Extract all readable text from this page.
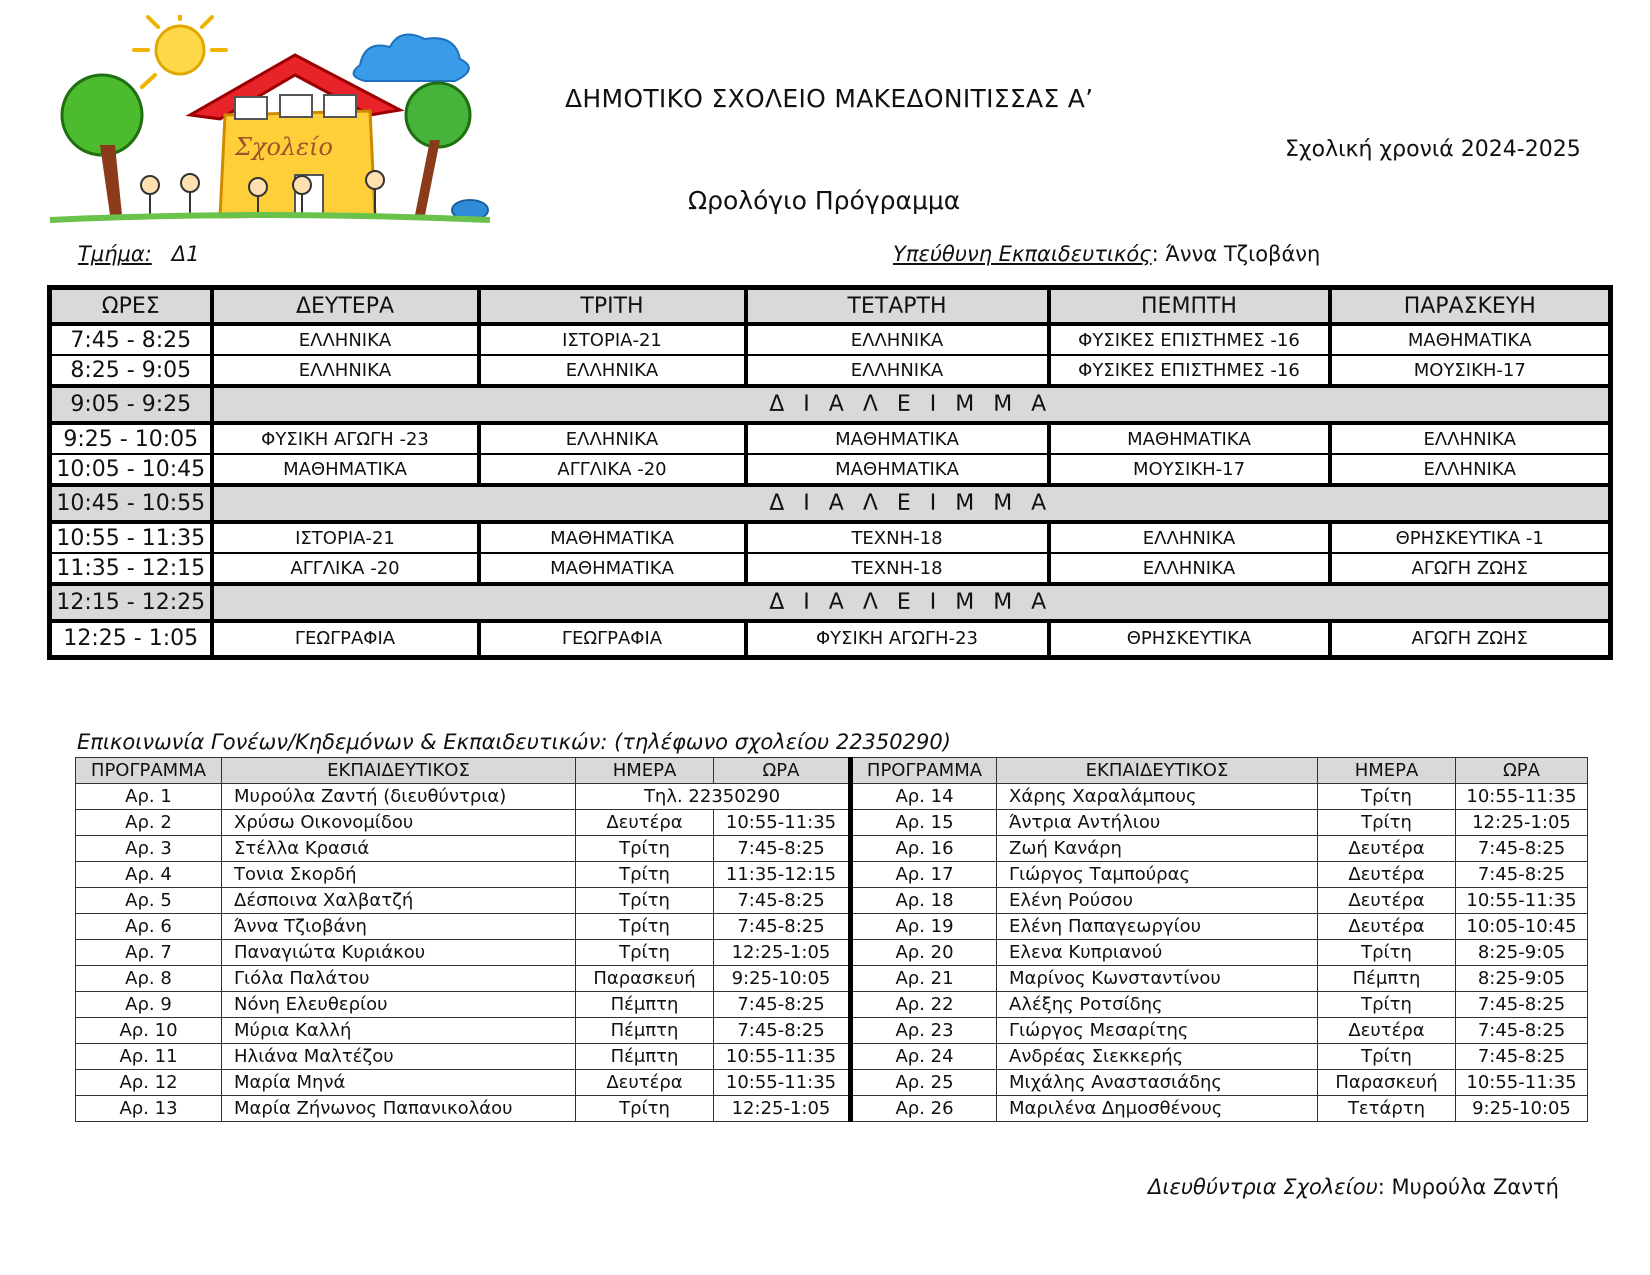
Σχολείο
ΔΗΜΟΤΙΚΟ ΣΧΟΛΕΙΟ ΜΑΚΕΔΟΝΙΤΙΣΣΑΣ Α’
Σχολική χρονιά 2024-2025
Ωρολόγιο Πρόγραμμα
Τμήμα: Δ1	Υπεύθυνη Εκπαιδευτικός: Άννα Τζιοβάνη
ΩΡΕΣ	ΔΕΥΤΕΡΑ	ΤΡΙΤΗ	ΤΕΤΑΡΤΗ	ΠΕΜΠΤΗ	ΠΑΡΑΣΚΕΥΗ
7:45 - 8:25	ΕΛΛΗΝΙΚΑ	ΙΣΤΟΡΙΑ-21	ΕΛΛΗΝΙΚΑ	ΦΥΣΙΚΕΣ ΕΠΙΣΤΗΜΕΣ -16	ΜΑΘΗΜΑΤΙΚΑ
8:25 - 9:05	ΕΛΛΗΝΙΚΑ	ΕΛΛΗΝΙΚΑ	ΕΛΛΗΝΙΚΑ	ΦΥΣΙΚΕΣ ΕΠΙΣΤΗΜΕΣ -16	ΜΟΥΣΙΚΗ-17
9:05 - 9:25	Δ Ι Α Λ Ε Ι Μ Μ Α				
9:25 - 10:05	ΦΥΣΙΚΗ ΑΓΩΓΗ -23	ΕΛΛΗΝΙΚΑ	ΜΑΘΗΜΑΤΙΚΑ	ΜΑΘΗΜΑΤΙΚΑ	ΕΛΛΗΝΙΚΑ
10:05 - 10:45	ΜΑΘΗΜΑΤΙΚΑ	ΑΓΓΛΙΚΑ -20	ΜΑΘΗΜΑΤΙΚΑ	ΜΟΥΣΙΚΗ-17	ΕΛΛΗΝΙΚΑ
10:45 - 10:55	Δ Ι Α Λ Ε Ι Μ Μ Α				
10:55 - 11:35	ΙΣΤΟΡΙΑ-21	ΜΑΘΗΜΑΤΙΚΑ	ΤΕΧΝΗ-18	ΕΛΛΗΝΙΚΑ	ΘΡΗΣΚΕΥΤΙΚΑ -1
11:35 - 12:15	ΑΓΓΛΙΚΑ -20	ΜΑΘΗΜΑΤΙΚΑ	ΤΕΧΝΗ-18	ΕΛΛΗΝΙΚΑ	ΑΓΩΓΗ ΖΩΗΣ
12:15 - 12:25	Δ Ι Α Λ Ε Ι Μ Μ Α				
12:25 - 1:05	ΓΕΩΓΡΑΦΙΑ	ΓΕΩΓΡΑΦΙΑ	ΦΥΣΙΚΗ ΑΓΩΓΗ-23	ΘΡΗΣΚΕΥΤΙΚΑ	ΑΓΩΓΗ ΖΩΗΣ
Επικοινωνία Γονέων/Κηδεμόνων & Εκπαιδευτικών: (τηλέφωνο σχολείου 22350290)
ΠΡΟΓΡΑΜΜΑ	ΕΚΠΑΙΔΕΥΤΙΚΟΣ	ΗΜΕΡΑ	ΩΡΑ	ΠΡΟΓΡΑΜΜΑ	ΕΚΠΑΙΔΕΥΤΙΚΟΣ	ΗΜΕΡΑ	ΩΡΑ
Αρ. 1	Μυρούλα Ζαντή (διευθύντρια)	Τηλ. 22350290		Αρ. 14	Χάρης Χαραλάμπους	Τρίτη	10:55-11:35
Αρ. 2	Χρύσω Οικονομίδου	Δευτέρα	10:55-11:35	Αρ. 15	Άντρια Αντήλιου	Τρίτη	12:25-1:05
Αρ. 3	Στέλλα Κρασιά	Τρίτη	7:45-8:25	Αρ. 16	Ζωή Κανάρη	Δευτέρα	7:45-8:25
Αρ. 4	Τονια Σκορδή	Τρίτη	11:35-12:15	Αρ. 17	Γιώργος Ταμπούρας	Δευτέρα	7:45-8:25
Αρ. 5	Δέσποινα Χαλβατζή	Τρίτη	7:45-8:25	Αρ. 18	Ελένη Ρούσου	Δευτέρα	10:55-11:35
Αρ. 6	Άννα Τζιοβάνη	Τρίτη	7:45-8:25	Αρ. 19	Ελένη Παπαγεωργίου	Δευτέρα	10:05-10:45
Αρ. 7	Παναγιώτα Κυριάκου	Τρίτη	12:25-1:05	Αρ. 20	Ελενα Κυπριανού	Τρίτη	8:25-9:05
Αρ. 8	Γιόλα Παλάτου	Παρασκευή	9:25-10:05	Αρ. 21	Μαρίνος Κωνσταντίνου	Πέμπτη	8:25-9:05
Αρ. 9	Νόνη Ελευθερίου	Πέμπτη	7:45-8:25	Αρ. 22	Αλέξης Ροτσίδης	Τρίτη	7:45-8:25
Αρ. 10	Μύρια Καλλή	Πέμπτη	7:45-8:25	Αρ. 23	Γιώργος Μεσαρίτης	Δευτέρα	7:45-8:25
Αρ. 11	Ηλιάνα Μαλτέζου	Πέμπτη	10:55-11:35	Αρ. 24	Ανδρέας Σιεκκερής	Τρίτη	7:45-8:25
Αρ. 12	Μαρία Μηνά	Δευτέρα	10:55-11:35	Αρ. 25	Μιχάλης Αναστασιάδης	Παρασκευή	10:55-11:35
Αρ. 13	Μαρία Ζήνωνος Παπανικολάου	Τρίτη	12:25-1:05	Αρ. 26	Μαριλένα Δημοσθένους	Τετάρτη	9:25-10:05
Διευθύντρια Σχολείου: Μυρούλα Ζαντή
